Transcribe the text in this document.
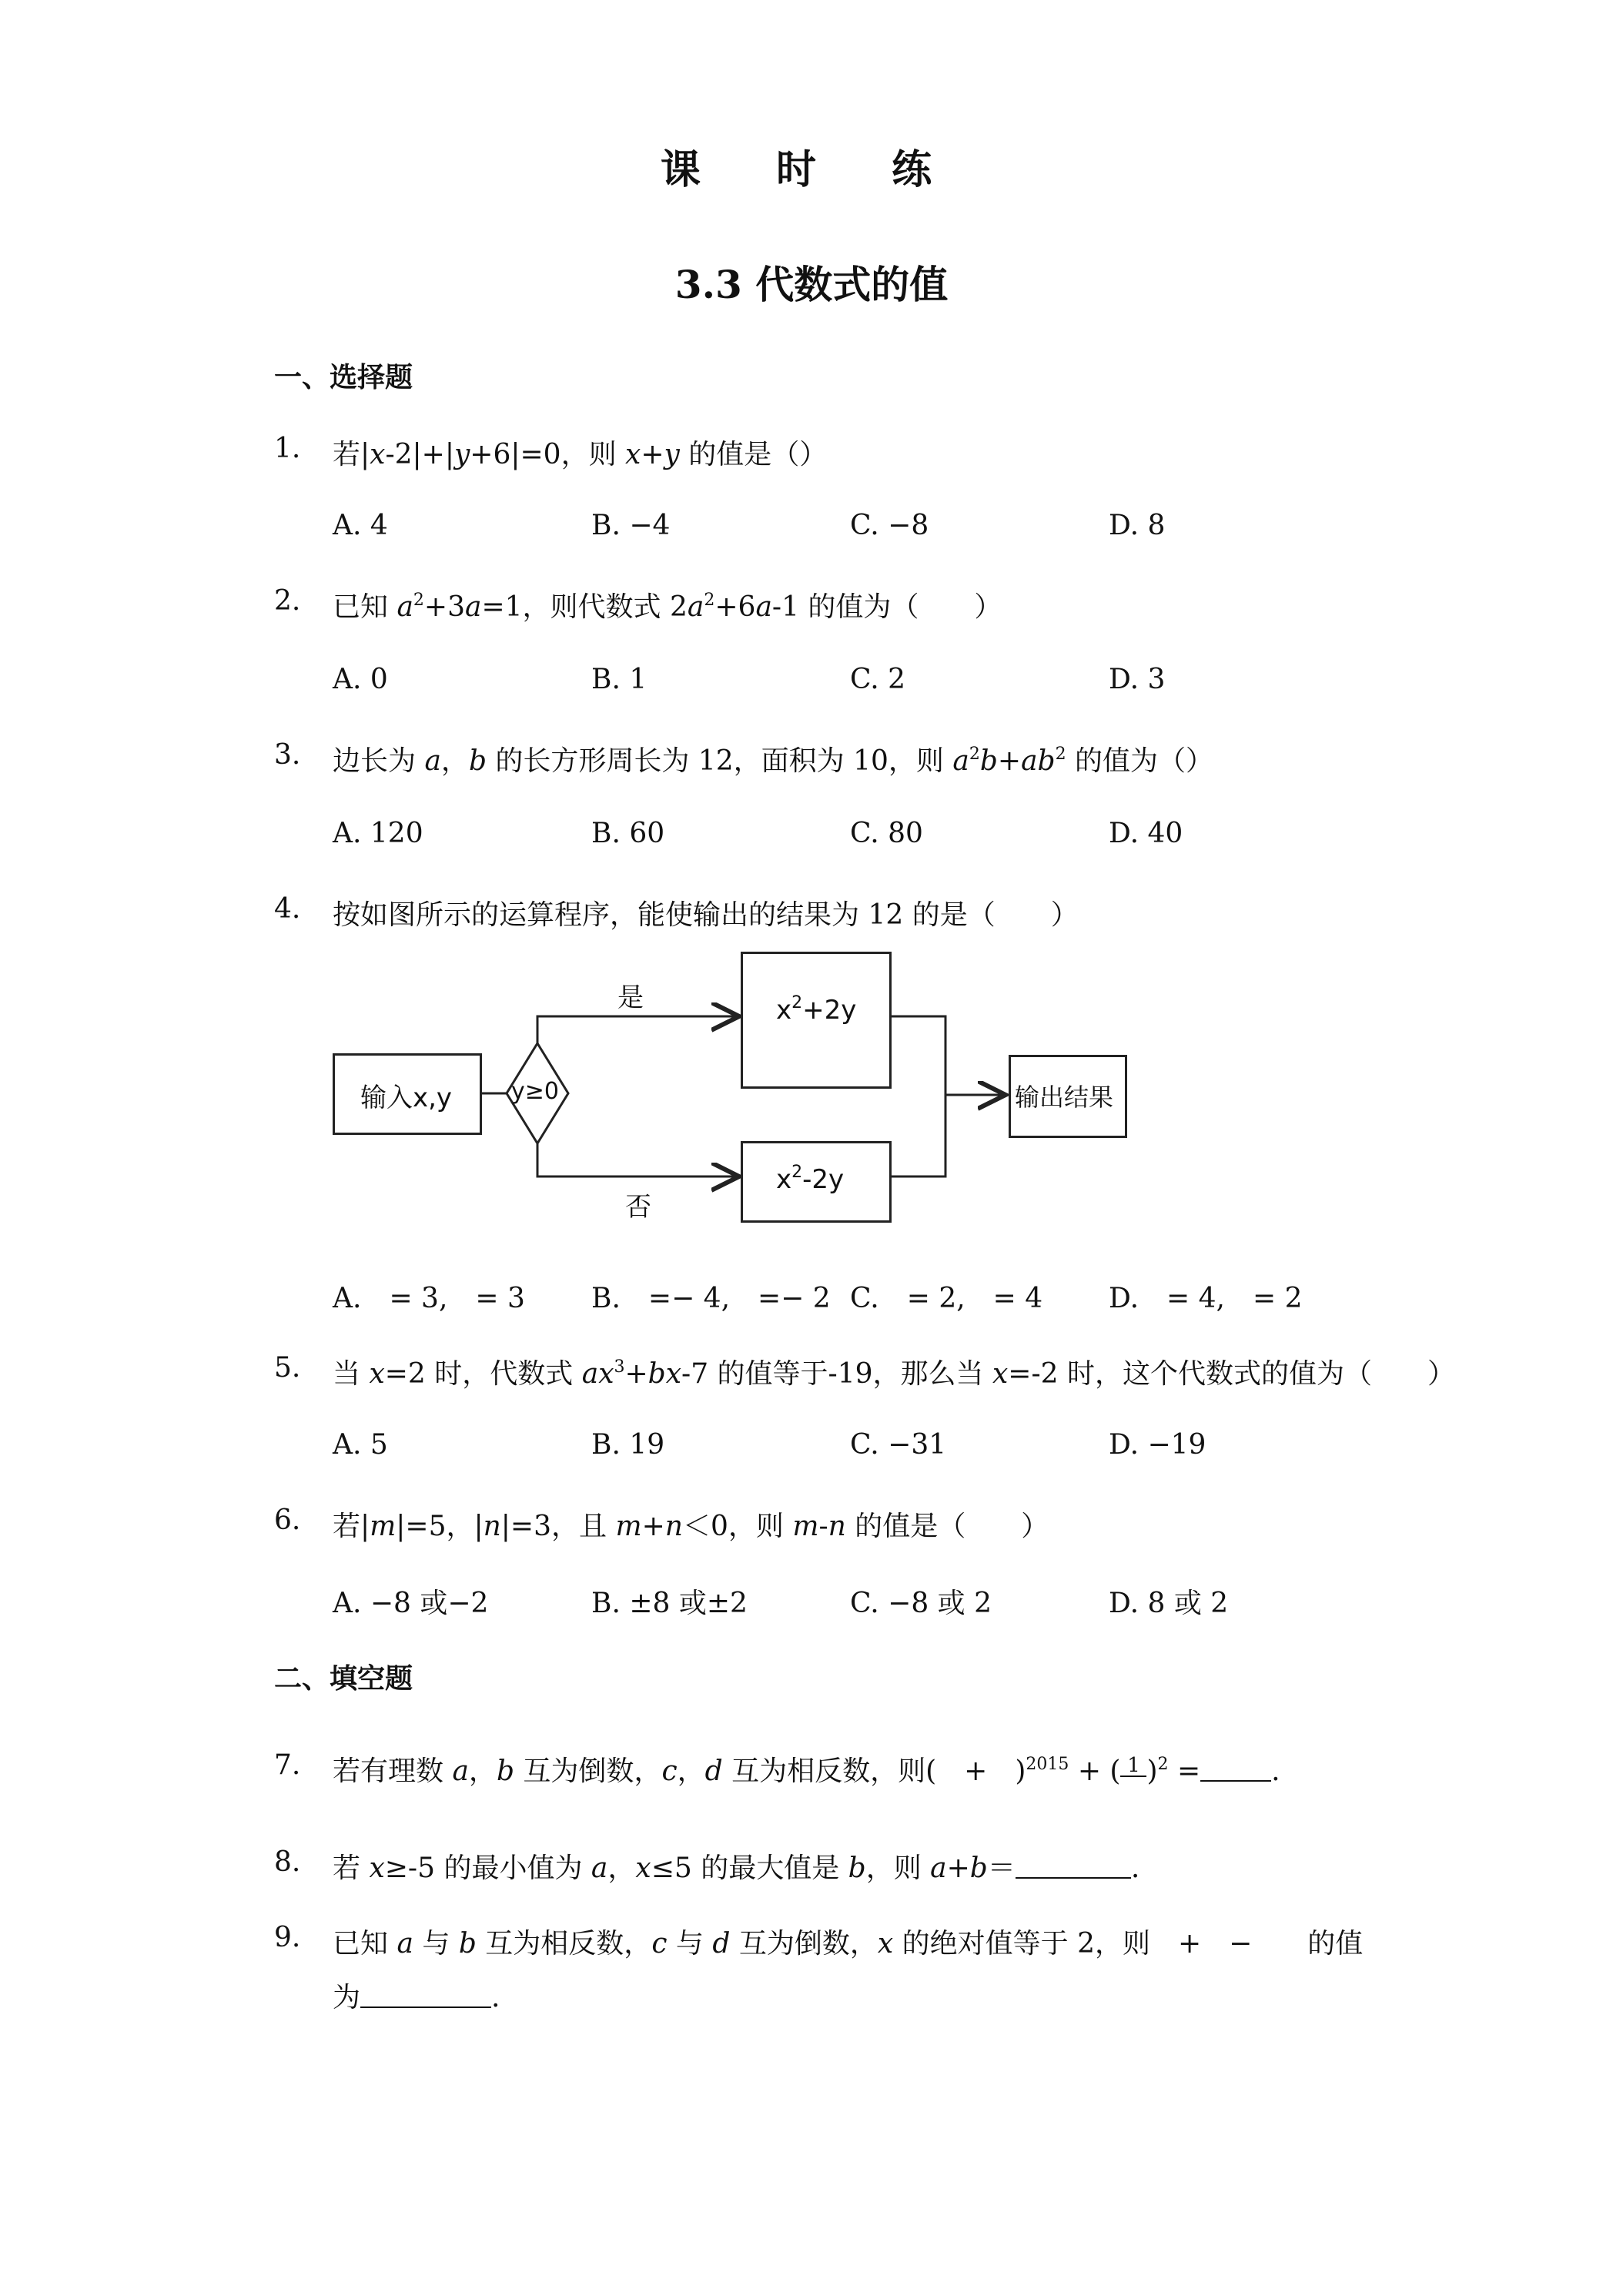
课 时 练
3.3 代数式的值
一、选择题
1. 若|x-2|+|y+6|=0，则 x+y 的值是（）
A. 4	B. −4	C. −8	D. 8
2. 已知 $a^2+3a=1$，则代数式 $2a^2+6a-1$ 的值为（　　）
A. 0	B. 1	C. 2	D. 3
3. 边长为 a，b 的长方形周长为 12，面积为 10，则 $a^2b+ab^2$ 的值为（）
A. 120	B. 60	C. 80	D. 40
4. 按如图所示的运算程序，能使输出的结果为 12 的是（　　）
输入x,y	y≥0
是
否
$x^2+2y$
$x^2-2y$
输出结果
A.　= 3,　= 3 B.　=− 4,　=− 2 C.　= 2,　= 4 D.　= 4,　= 2
5. 当 x=2 时，代数式 $ax^3+bx-7$ 的值等于-19，那么当 x=-2 时，这个代数式的值为（　　）
A. 5	B. 19	C. −31	D. −19
6. 若|m|=5，|n|=3，且 m+n＜0，则 m-n 的值是（　　）
A. −8 或−2	B. ±8 或±2	C. −8 或 2	D. 8 或 2
二、填空题
7. 若有理数 a，b 互为倒数，c，d 互为相反数，则(　+　)$^{2015}$ + ( 1 )$^2$ =	.
8. 若 x≥-5 的最小值为 a，x≤5 的最大值是 b，则 a+b＝	.
9. 已知 a 与 b 互为相反数，c 与 d 互为倒数，x 的绝对值等于 2，则　+　−　　的值
为	.
